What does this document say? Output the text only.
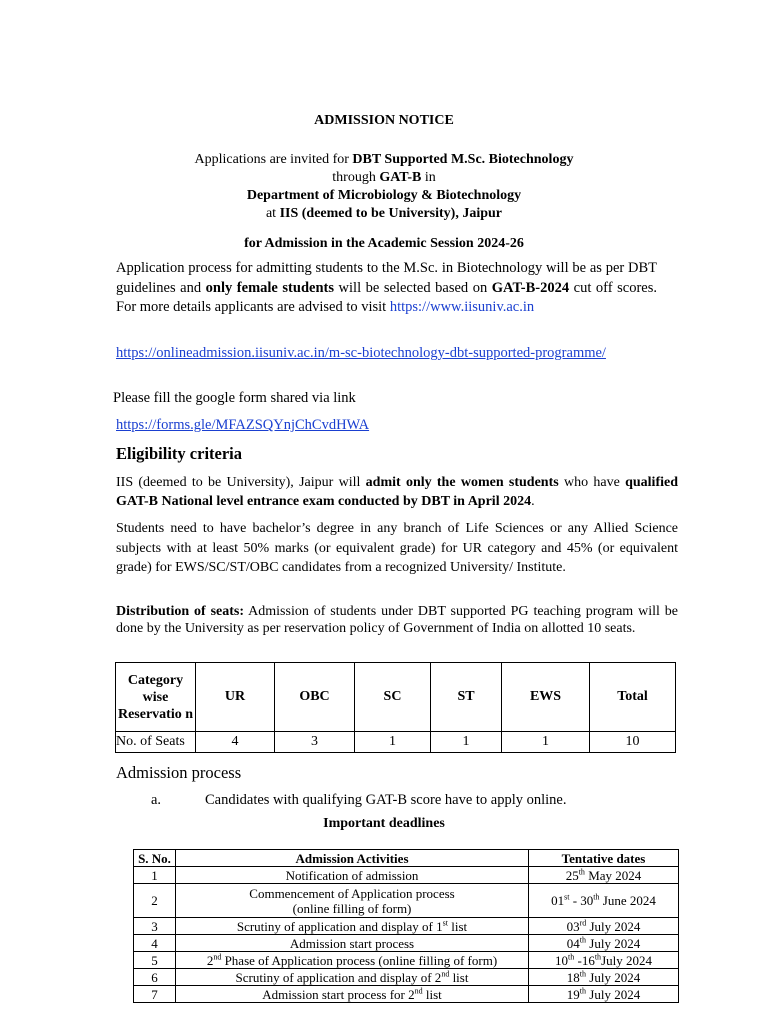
ADMISSION NOTICE
Applications are invited for DBT Supported M.Sc. Biotechnology
through GAT-B in
Department of Microbiology & Biotechnology
at IIS (deemed to be University), Jaipur
for Admission in the Academic Session 2024-26
Application process for admitting students to the M.Sc. in Biotechnology will be as per DBT guidelines and only female students will be selected based on GAT-B-2024 cut off scores. For more details applicants are advised to visit https://www.iisuniv.ac.in
https://onlineadmission.iisuniv.ac.in/m-sc-biotechnology-dbt-supported-programme/
Please fill the google form shared via link
https://forms.gle/MFAZSQYnjChCvdHWA
Eligibility criteria
IIS (deemed to be University), Jaipur will admit only the women students who have qualified GAT-B National level entrance exam conducted by DBT in April 2024.
Students need to have bachelor’s degree in any branch of Life Sciences or any Allied Science subjects with at least 50% marks (or equivalent grade) for UR category and 45% (or equivalent grade) for EWS/SC/ST/OBC candidates from a recognized University/ Institute.
Distribution of seats: Admission of students under DBT supported PG teaching program will be done by the University as per reservation policy of Government of India on allotted 10 seats.
Category wise Reservatio n	UR	OBC	SC	ST	EWS	Total
No. of Seats	4	3	1	1	1	10
Admission process
a.	Candidates with qualifying GAT-B score have to apply online.
Important deadlines
S. No.	Admission Activities	Tentative dates
1	Notification of admission	25th May 2024
2	Commencement of Application process
(online filling of form)	01st - 30th June 2024
3	Scrutiny of application and display of 1st list	03rd July 2024
4	Admission start process	04th July 2024
5	2nd Phase of Application process (online filling of form)	10th -16thJuly 2024
6	Scrutiny of application and display of 2nd list	18th July 2024
7	Admission start process for 2nd list	19th July 2024
